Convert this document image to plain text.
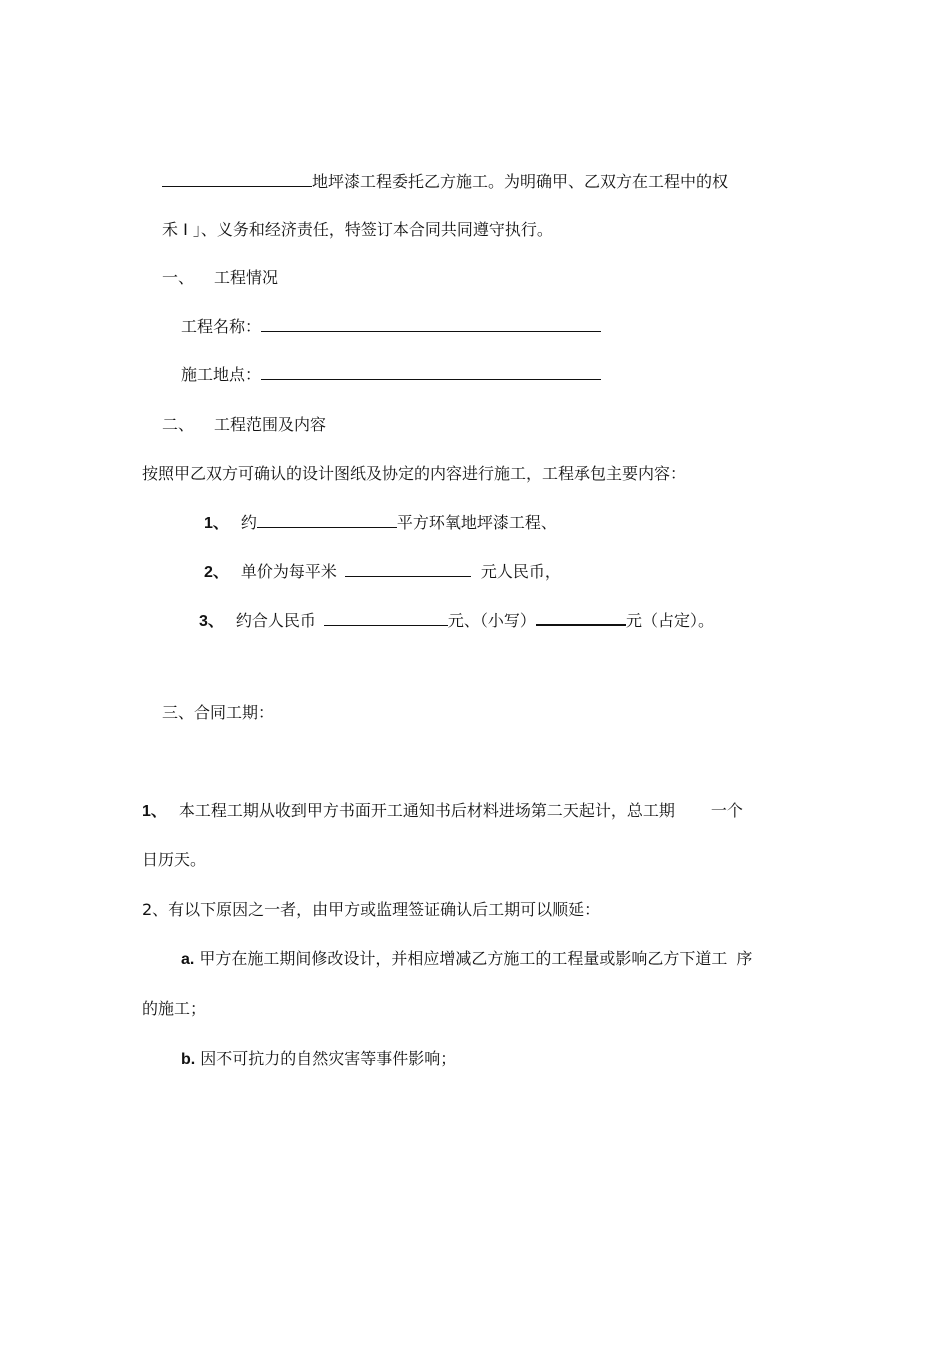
地坪漆工程委托乙方施工。为明确甲、乙双方在工程中的权
禾 I 」、义务和经济责任，特签订本合同共同遵守执行。
一、 工程情况
工程名称：
施工地点：
二、 工程范围及内容
按照甲乙双方可确认的设计图纸及协定的内容进行施工，工程承包主要内容：
1、 约	平方环氧地坪漆工程、
2、 单价为每平米	元人民币，
3、 约合人民币	元、（小写）	元（占定）。
三、合同工期：
1、 本工程工期从收到甲方书面开工通知书后材料进场第二天起计，总工期 一个
日历天。
2、有以下原因之一者，由甲方或监理签证确认后工期可以顺延：
a. 甲方在施工期间修改设计，并相应增减乙方施工的工程量或影响乙方下道工 序
的施工；
b. 因不可抗力的自然灾害等事件影响；
